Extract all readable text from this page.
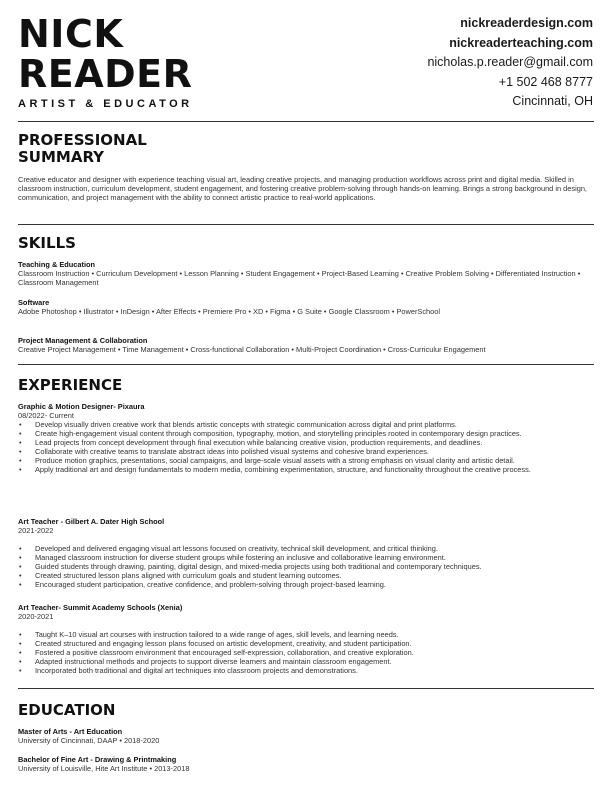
NICK
READER
ARTIST & EDUCATOR
nickreaderdesign.com
nickreaderteaching.com
nicholas.p.reader@gmail.com
+1 502 468 8777
Cincinnati, OH
PROFESSIONAL
SUMMARY
Creative educator and designer with experience teaching visual art, leading creative projects, and managing production workflows across print and digital media. Skilled in classroom instruction, curriculum development, student engagement, and fostering creative problem-solving through hands-on learning. Brings a strong background in design, communication, and project management with the ability to connect artistic practice to real-world applications.
SKILLS
Teaching & Education
Classroom Instruction • Curriculum Development • Lesson Planning • Student Engagement • Project-Based Learning • Creative Problem Solving • Differentiated Instruction • Classroom Management
Software
Adobe Photoshop • Illustrator • InDesign • After Effects • Premiere Pro • XD • Figma • G Suite • Google Classroom • PowerSchool
Project Management & Collaboration
Creative Project Management • Time Management • Cross-functional Collaboration • Multi-Project Coordination • Cross-Curriculur Engagement
EXPERIENCE
Graphic & Motion Designer- Pixaura
08/2022- Current
• Develop visually driven creative work that blends artistic concepts with strategic communication across digital and print platforms.
• Create high-engagement visual content through composition, typography, motion, and storytelling principles rooted in contemporary design practices.
• Lead projects from concept development through final execution while balancing creative vision, production requirements, and deadlines.
• Collaborate with creative teams to translate abstract ideas into polished visual systems and cohesive brand experiences.
• Produce motion graphics, presentations, social campaigns, and large-scale visual assets with a strong emphasis on visual clarity and artistic detail.
• Apply traditional art and design fundamentals to modern media, combining experimentation, structure, and functionality throughout the creative process.
Art Teacher - Gilbert A. Dater High School
2021-2022
• Developed and delivered engaging visual art lessons focused on creativity, technical skill development, and critical thinking.
• Managed classroom instruction for diverse student groups while fostering an inclusive and collaborative learning environment.
• Guided students through drawing, painting, digital design, and mixed-media projects using both traditional and contemporary techniques.
• Created structured lesson plans aligned with curriculum goals and student learning outcomes.
• Encouraged student participation, creative confidence, and problem-solving through project-based learning.
Art Teacher- Summit Academy Schools (Xenia)
2020-2021
• Taught K–10 visual art courses with instruction tailored to a wide range of ages, skill levels, and learning needs.
• Created structured and engaging lesson plans focused on artistic development, creativity, and student participation.
• Fostered a positive classroom environment that encouraged self-expression, collaboration, and creative exploration.
• Adapted instructional methods and projects to support diverse learners and maintain classroom engagement.
• Incorporated both traditional and digital art techniques into classroom projects and demonstrations.
EDUCATION
Master of Arts - Art Education
University of Cincinnati, DAAP • 2018-2020
Bachelor of Fine Art - Drawing & Printmaking
University of Louisville, Hite Art Institute • 2013-2018
